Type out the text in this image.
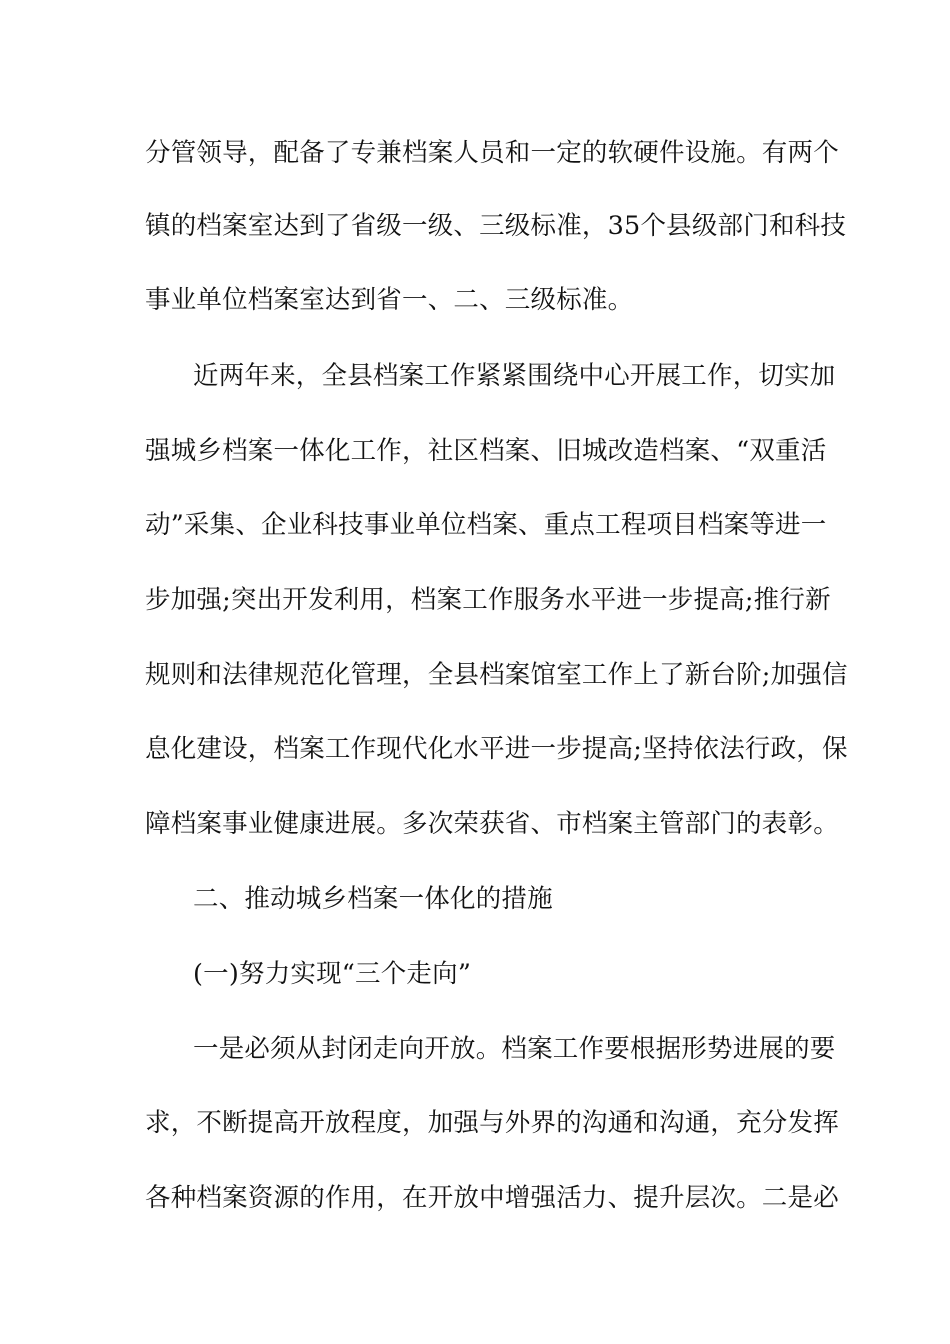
分管领导，配备了专兼档案人员和一定的软硬件设施。有两个
镇的档案室达到了省级一级、三级标准，35个县级部门和科技
事业单位档案室达到省一、二、三级标准。
近两年来，全县档案工作紧紧围绕中心开展工作，切实加
强城乡档案一体化工作，社区档案、旧城改造档案、“双重活
动”采集、企业科技事业单位档案、重点工程项目档案等进一
步加强;突出开发利用，档案工作服务水平进一步提高;推行新
规则和法律规范化管理，全县档案馆室工作上了新台阶;加强信
息化建设，档案工作现代化水平进一步提高;坚持依法行政，保
障档案事业健康进展。多次荣获省、市档案主管部门的表彰。
二、推动城乡档案一体化的措施
(一)努力实现“三个走向”
一是必须从封闭走向开放。档案工作要根据形势进展的要
求，不断提高开放程度，加强与外界的沟通和沟通，充分发挥
各种档案资源的作用，在开放中增强活力、提升层次。二是必
